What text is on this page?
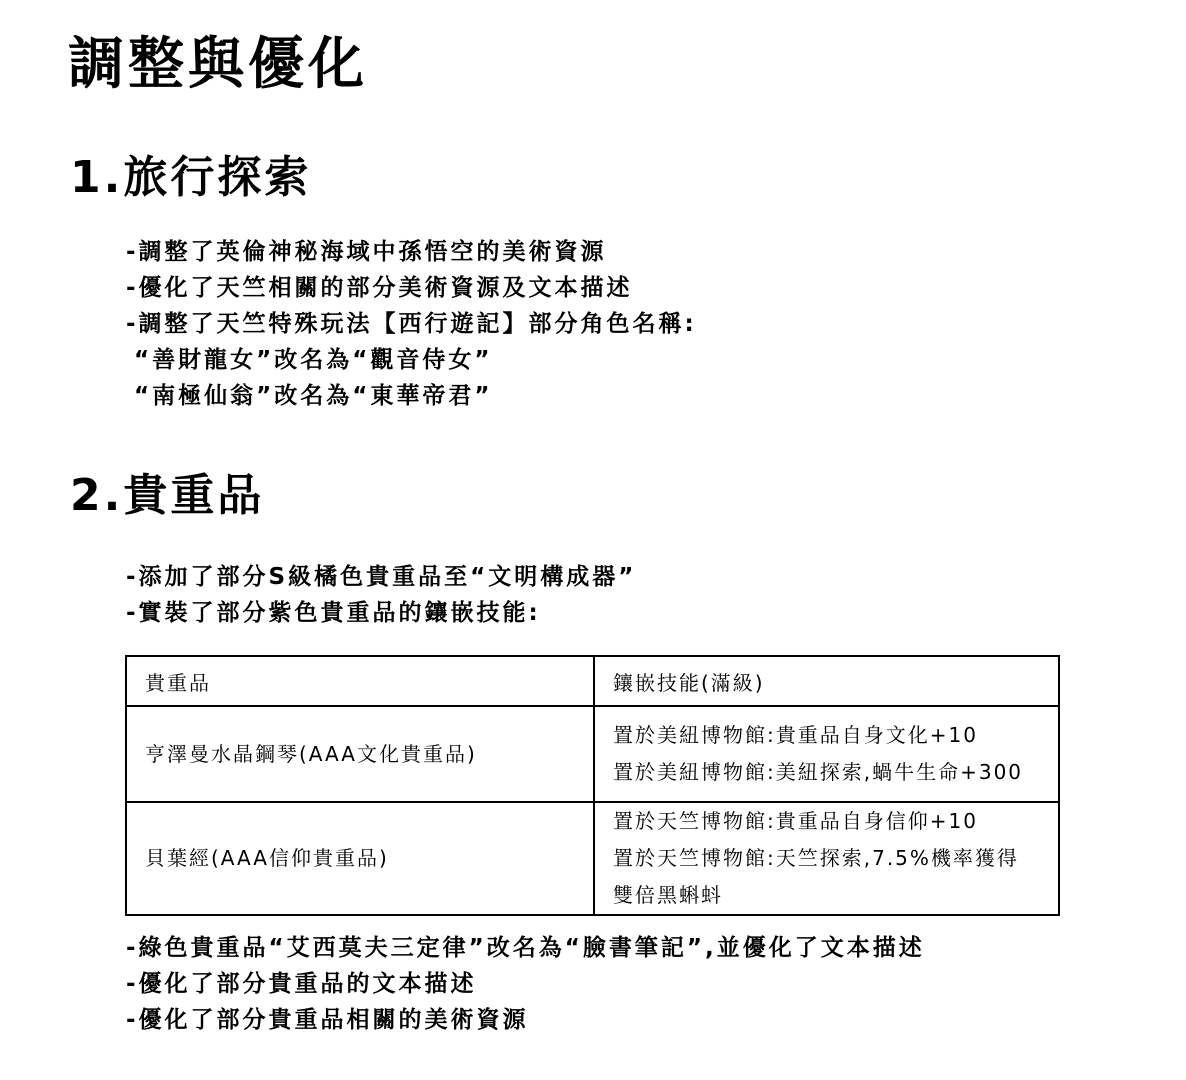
調整與優化
1.旅行探索
-調整了英倫神秘海域中孫悟空的美術資源
-優化了天竺相關的部分美術資源及文本描述
-調整了天竺特殊玩法【西行遊記】部分角色名稱:
“善財龍女”改名為“觀音侍女”
“南極仙翁”改名為“東華帝君”
2.貴重品
-添加了部分S級橘色貴重品至“文明構成器”
-實裝了部分紫色貴重品的鑲嵌技能:
貴重品	鑲嵌技能(滿級)

亨澤曼水晶鋼琴(AAA文化貴重品)	置於美紐博物館:貴重品自身文化+10
置於美紐博物館:美紐探索,蝸牛生命+300

貝葉經(AAA信仰貴重品)	置於天竺博物館:貴重品自身信仰+10
置於天竺博物館:天竺探索,7.5%機率獲得
雙倍黑蝌蚪
-綠色貴重品“艾西莫夫三定律”改名為“臉書筆記”,並優化了文本描述
-優化了部分貴重品的文本描述
-優化了部分貴重品相關的美術資源
